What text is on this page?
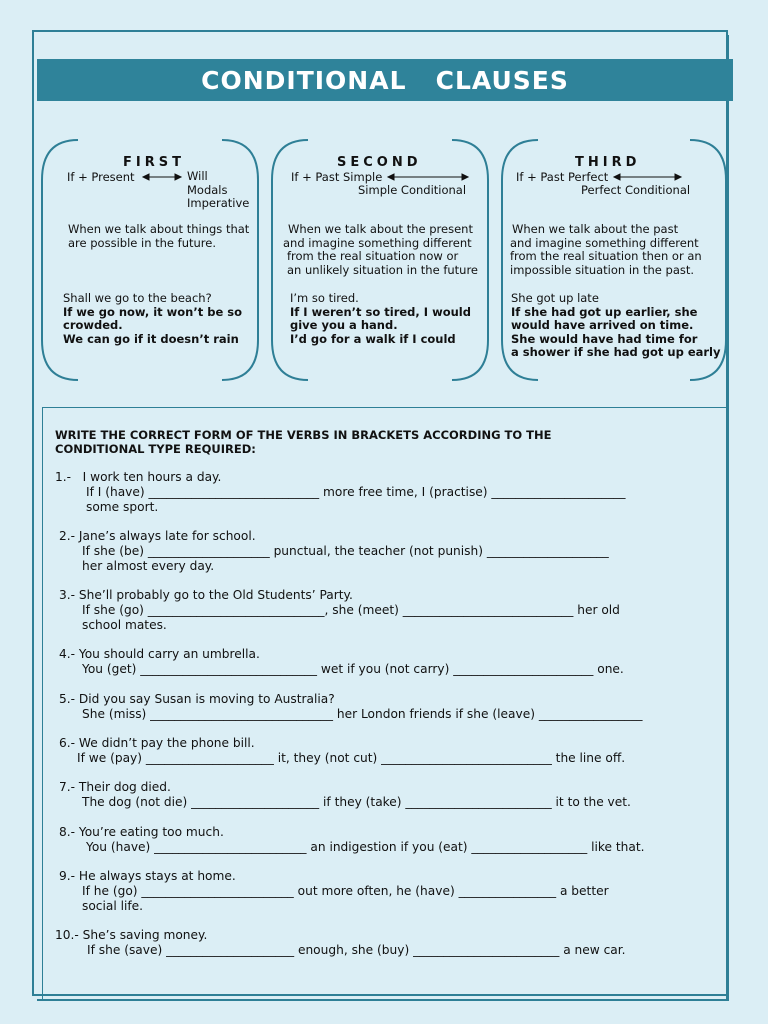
CONDITIONAL   CLAUSES
FIRST
If + Present	Will
Modals
Imperative
When we talk about things that
are possible in the future.
Shall we go to the beach?
If we go now, it won’t be so
crowded.
We can go if it doesn’t rain
SECOND
If + Past Simple
Simple Conditional
When we talk about the present
and imagine something different
from the real situation now or
an unlikely situation in the future
I’m so tired.
If I weren’t so tired, I would
give you a hand.
I’d go for a walk if I could
THIRD
If + Past Perfect
Perfect Conditional
When we talk about the past
and imagine something different
from the real situation then or an
impossible situation in the past.
She got up late
If she had got up earlier, she
would have arrived on time.
She would have had time for
a shower if she had got up early
WRITE THE CORRECT FORM OF THE VERBS IN BRACKETS ACCORDING TO THE
CONDITIONAL TYPE REQUIRED:
1.- I work ten hours a day.
If I (have) ____________________________ more free time, I (practise) ______________________
some sport.
2.- Jane’s always late for school.
If she (be) ____________________ punctual, the teacher (not punish) ____________________
her almost every day.
3.- She’ll probably go to the Old Students’ Party.
If she (go) _____________________________, she (meet) ____________________________ her old
school mates.
4.- You should carry an umbrella.
You (get) _____________________________ wet if you (not carry) _______________________ one.
5.- Did you say Susan is moving to Australia?
She (miss) ______________________________ her London friends if she (leave) _________________
6.- We didn’t pay the phone bill.
If we (pay) _____________________ it, they (not cut) ____________________________ the line off.
7.- Their dog died.
The dog (not die) _____________________ if they (take) ________________________ it to the vet.
8.- You’re eating too much.
You (have) _________________________ an indigestion if you (eat) ___________________ like that.
9.- He always stays at home.
If he (go) _________________________ out more often, he (have) ________________ a better
social life.
10.- She’s saving money.
If she (save) _____________________ enough, she (buy) ________________________ a new car.
